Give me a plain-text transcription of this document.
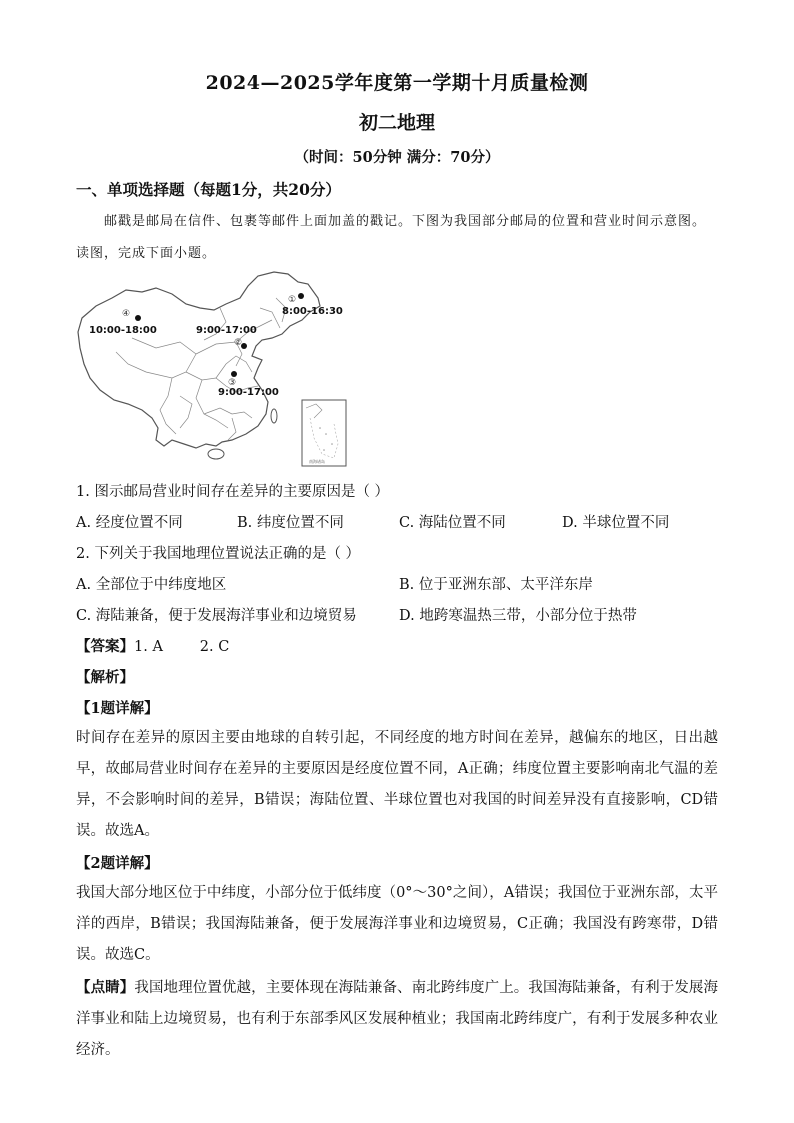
2024—2025学年度第一学期十月质量检测
初二地理
（时间：50分钟 满分：70分）
一、单项选择题（每题1分，共20分）
邮戳是邮局在信件、包裹等邮件上面加盖的戳记。下图为我国部分邮局的位置和营业时间示意图。
读图，完成下面小题。
南海诸岛
④
①
②
③
10:00-18:00	9:00-17:00
8:00-16:30
9:00-17:00
1. 图示邮局营业时间存在差异的主要原因是（ ）
A. 经度位置不同	B. 纬度位置不同	C. 海陆位置不同	D. 半球位置不同
2. 下列关于我国地理位置说法正确的是（ ）
A. 全部位于中纬度地区	B. 位于亚洲东部、太平洋东岸
C. 海陆兼备，便于发展海洋事业和边境贸易	D. 地跨寒温热三带，小部分位于热带
【答案】1. A        2. C
【解析】
【1题详解】
时间存在差异的原因主要由地球的自转引起，不同经度的地方时间在差异，越偏东的地区，日出越早，故邮局营业时间存在差异的主要原因是经度位置不同，A正确；纬度位置主要影响南北气温的差异，不会影响时间的差异，B错误；海陆位置、半球位置也对我国的时间差异没有直接影响，CD错误。故选A。
【2题详解】
我国大部分地区位于中纬度，小部分位于低纬度（0°～30°之间），A错误；我国位于亚洲东部，太平洋的西岸，B错误；我国海陆兼备，便于发展海洋事业和边境贸易，C正确；我国没有跨寒带，D错误。故选C。
【点睛】我国地理位置优越，主要体现在海陆兼备、南北跨纬度广上。我国海陆兼备，有利于发展海洋事业和陆上边境贸易，也有利于东部季风区发展种植业；我国南北跨纬度广，有利于发展多种农业经济。
